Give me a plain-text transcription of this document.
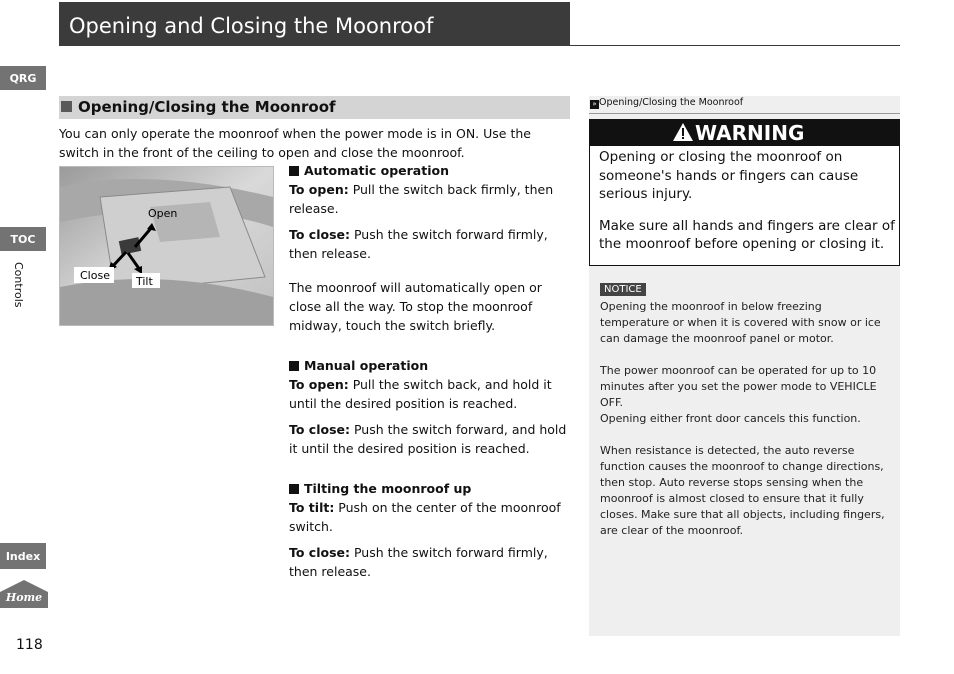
Opening and Closing the Moonroof
QRG
TOC
Controls
Index
Home
118
Opening/Closing the Moonroof
You can only operate the moonroof when the power mode is in ON. Use the switch in the front of the ceiling to open and close the moonroof.
Open
Close Tilt
Automatic operation
To open: Pull the switch back firmly, then release.
To close: Push the switch forward firmly, then release.
The moonroof will automatically open or close all the way. To stop the moonroof midway, touch the switch briefly.
Manual operation
To open: Pull the switch back, and hold it until the desired position is reached.
To close: Push the switch forward, and hold it until the desired position is reached.
Tilting the moonroof up
To tilt: Push on the center of the moonroof switch.
To close: Push the switch forward firmly, then release.
» Opening/Closing the Moonroof
WARNING
Opening or closing the moonroof on someone's hands or fingers can cause serious injury.
Make sure all hands and fingers are clear of the moonroof before opening or closing it.
NOTICE
Opening the moonroof in below freezing temperature or when it is covered with snow or ice can damage the moonroof panel or motor.
The power moonroof can be operated for up to 10 minutes after you set the power mode to VEHICLE OFF.
Opening either front door cancels this function.
When resistance is detected, the auto reverse function causes the moonroof to change directions, then stop. Auto reverse stops sensing when the moonroof is almost closed to ensure that it fully closes. Make sure that all objects, including fingers, are clear of the moonroof.
